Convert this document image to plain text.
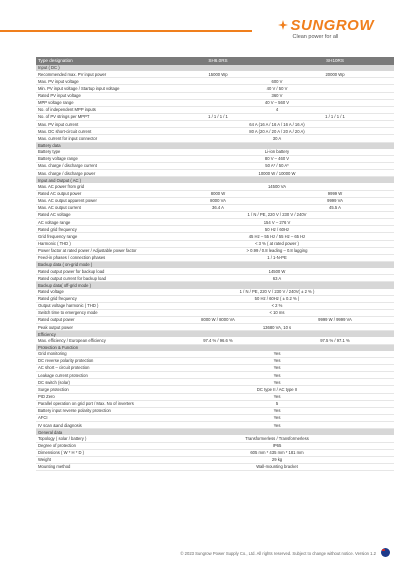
SUNGROW
Clean power for all
Type designation	SH6.0RS	SH10RS
Input ( DC )		
Recommended max. PV input power	15000 Wp	20000 Wp
Max. PV input voltage	600 V	
Min. PV input voltage / Startup input voltage	40 V / 50 V	
Rated PV input voltage	360 V	
MPP voltage range	40 V – 560 V	
No. of independent MPP inputs	4	
No. of PV strings per MPPT	1 / 1 / 1 / 1	1 / 1 / 1 / 1
Max. PV input current	64 A (16 A / 16 A / 16 A / 16 A)	
Max. DC short-circuit current	80 A (20 A / 20 A / 20 A / 20 A)	
Max. current for input connector	30 A	
Battery data		
Battery type	Li-ion battery	
Battery voltage range	80 V – 460 V	
Max. charge / discharge current	50 A* / 50 A*	
Max. charge / discharge power	10000 W / 10000 W	
Input and Output ( AC )		
Max. AC power from grid	14500 VA	
Rated AC output power	8000 W	9999 W
Max. AC output apparent power	8000 VA	9999 VA
Max. AC output current	36.4 A	45.5 A
Rated AC voltage	1 / N / PE, 220 V / 230 V / 240V	
AC voltage range	154 V – 276 V	
Rated grid frequency	50 Hz / 60Hz	
Grid frequency range	45 Hz – 55 Hz / 55 Hz – 65 Hz	
Harmonic ( THD )	< 3 % ( at rated power )	
Power factor at rated power / Adjustable power factor	> 0.99 / 0.8 leading – 0.8 lagging	
Feed-in phases / connection phases	1 / 1-N-PE	
Backup data ( on-grid mode )		
Rated output power for backup load	14500 W	
Rated output current for backup load	63 A	
Backup data( off-grid mode )		
Rated voltage	1 / N / PE, 220 V / 230 V / 240V( ± 2 % )	
Rated grid frequency	50 Hz / 60Hz ( ± 0.2 % )	
Output voltage harmonic ( THD )	< 2 %	
Switch time to emergency mode	< 10 ms	
Rated output power	8000 W / 8000 VA	9999 W / 9999 VA
Peak output power	13680 VA, 10 s	
Efficiency		
Max. efficiency / European efficiency	97.4 % / 96.6 %	97.5 % / 97.1 %
Protection & Function		
Grid monitoring	Yes	
DC reverse polarity protection	Yes	
AC short – circuit protection	Yes	
Leakage current protection	Yes	
DC switch (solar)	Yes	
Surge protection	DC type II / AC type II	
PID Zero	Yes	
Parallel operation on grid port / Max. No of inverters	5	
Battery input reverse polarity protection	Yes	
AFCI	Yes	
IV scan &and diagnosis	Yes	
General data		
Topology ( solar / battery )	Transformerless / Transformerless	
Degree of protection	IP65	
Dimensions ( W * H * D )	605 mm * 435 mm * 181 mm	
Weight	29 kg	
Mounting method	Wall-mounting bracket	
© 2023 Sungrow Power Supply Co., Ltd. All rights reserved. Subject to change without notice. Version 1.2
